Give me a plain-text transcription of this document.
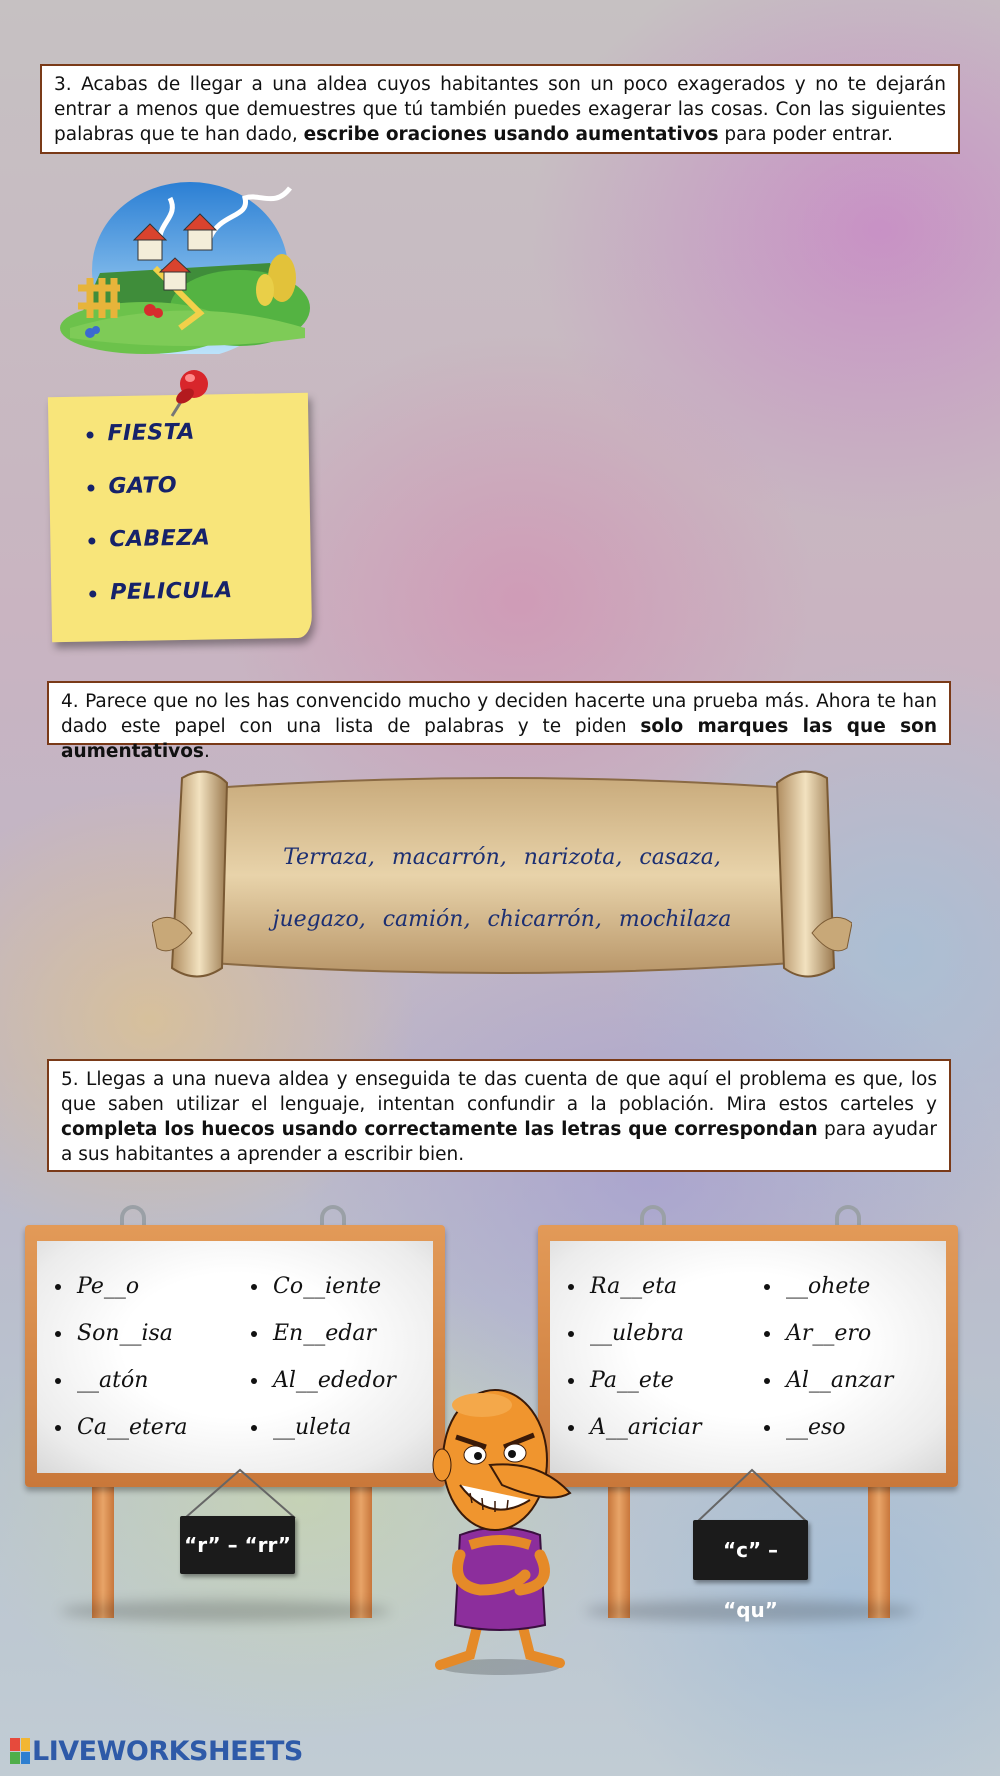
3. Acabas de llegar a una aldea cuyos habitantes son un poco exagerados y no te dejarán entrar a menos que demuestres que tú también puedes exagerar las cosas. Con las siguientes palabras que te han dado, escribe oraciones usando aumentativos para poder entrar.
FIESTA
GATO
CABEZA
PELICULA
4. Parece que no les has convencido mucho y deciden hacerte una prueba más. Ahora te han dado este papel con una lista de palabras y te piden solo marques las que son aumentativos.
Terraza, macarrón, narizota, casaza,
juegazo, camión, chicarrón, mochilaza
5. Llegas a una nueva aldea y enseguida te das cuenta de que aquí el problema es que, los que saben utilizar el lenguaje, intentan confundir a la población. Mira estos carteles y completa los huecos usando correctamente las letras que correspondan para ayudar a sus habitantes a aprender a escribir bien.
Pe__o	Co__iente
Son__isa	En__edar
__atón	Al__ededor
Ca__etera	__uleta
“r” – “rr”
Ra__eta	__ohete
__ulebra	Ar__ero
Pa__ete	Al__anzar
A__ariciar	__eso
“c” – “qu”
LIVEWORKSHEETS
